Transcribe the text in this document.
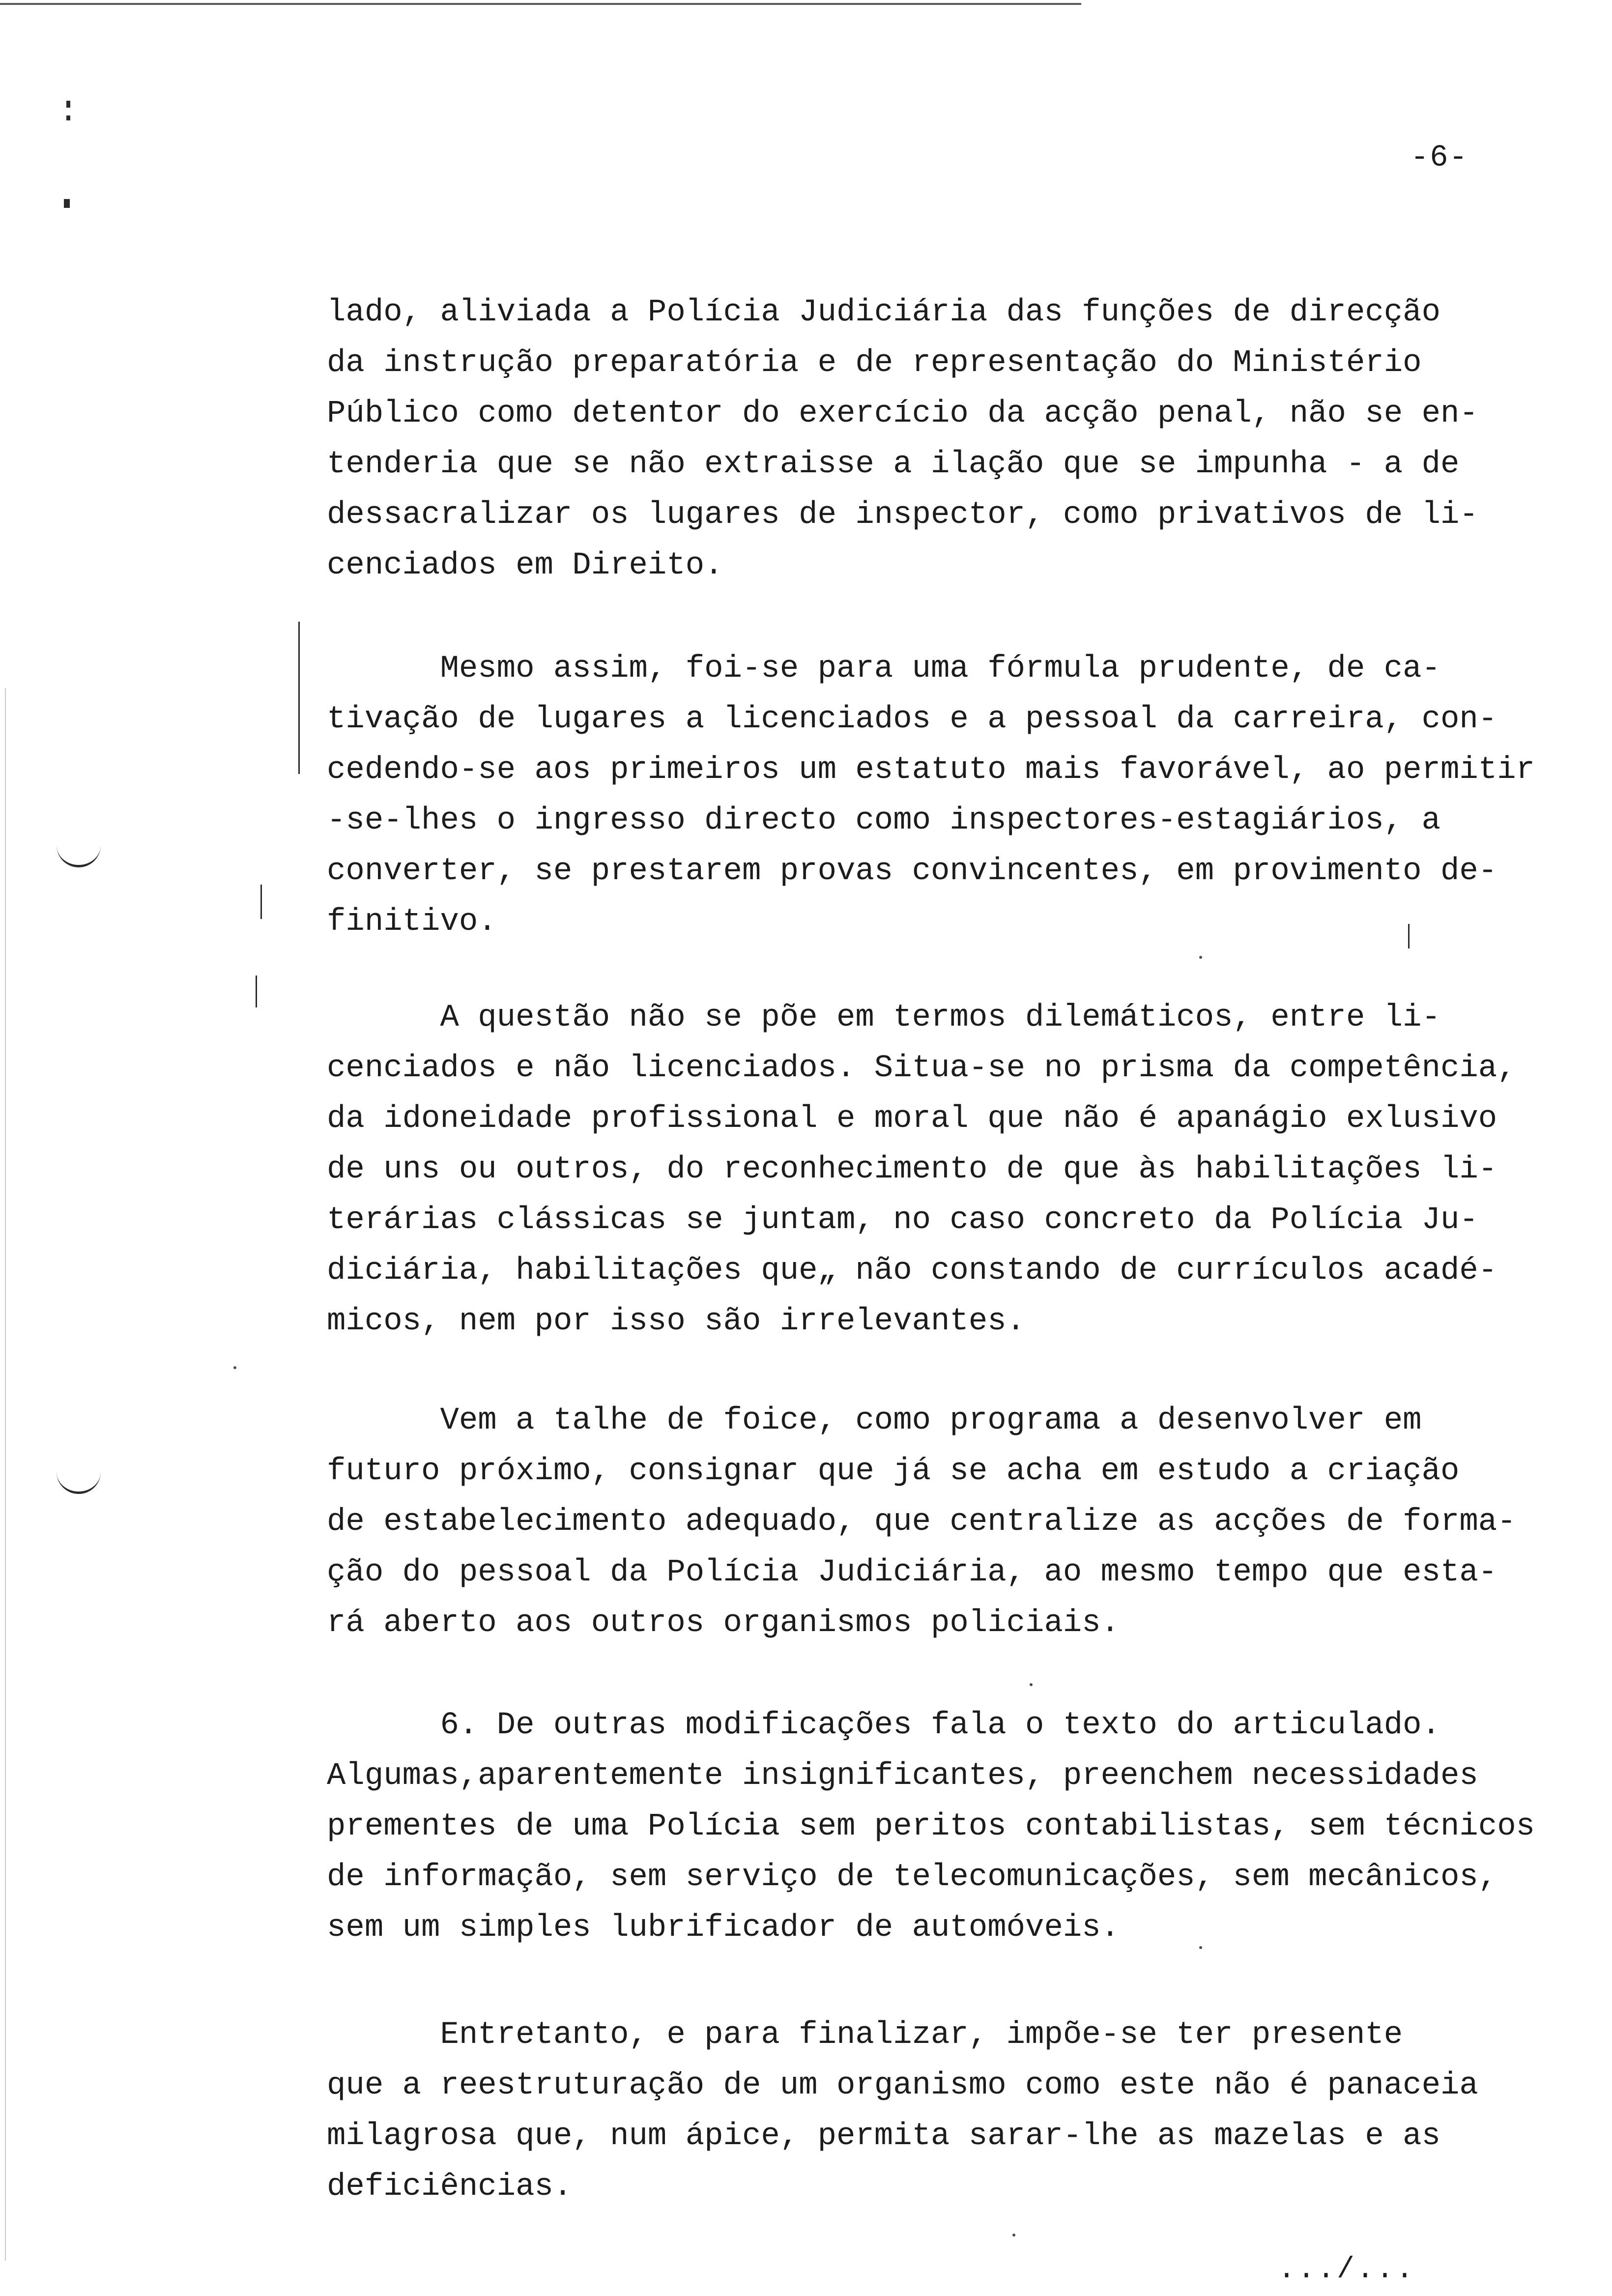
-6-
lado, aliviada a Polícia Judiciária das funções de direcção
da instrução preparatória e de representação do Ministério
Público como detentor do exercício da acção penal, não se en-
tenderia que se não extraisse a ilação que se impunha - a de
dessacralizar os lugares de inspector, como privativos de li-
cenciados em Direito.
Mesmo assim, foi-se para uma fórmula prudente, de ca-
tivação de lugares a licenciados e a pessoal da carreira, con-
cedendo-se aos primeiros um estatuto mais favorável, ao permitir
-se-lhes o ingresso directo como inspectores-estagiários, a
converter, se prestarem provas convincentes, em provimento de-
finitivo.
A questão não se põe em termos dilemáticos, entre li-
cenciados e não licenciados. Situa-se no prisma da competência,
da idoneidade profissional e moral que não é apanágio exlusivo
de uns ou outros, do reconhecimento de que às habilitações li-
terárias clássicas se juntam, no caso concreto da Polícia Ju-
diciária, habilitações que„ não constando de currículos acadé-
micos, nem por isso são irrelevantes.
Vem a talhe de foice, como programa a desenvolver em
futuro próximo, consignar que já se acha em estudo a criação
de estabelecimento adequado, que centralize as acções de forma-
ção do pessoal da Polícia Judiciária, ao mesmo tempo que esta-
rá aberto aos outros organismos policiais.
6. De outras modificações fala o texto do articulado.
Algumas,aparentemente insignificantes, preenchem necessidades
prementes de uma Polícia sem peritos contabilistas, sem técnicos
de informação, sem serviço de telecomunicações, sem mecânicos,
sem um simples lubrificador de automóveis.
Entretanto, e para finalizar, impõe-se ter presente
que a reestruturação de um organismo como este não é panaceia
milagrosa que, num ápice, permita sarar-lhe as mazelas e as
deficiências.
.../...
